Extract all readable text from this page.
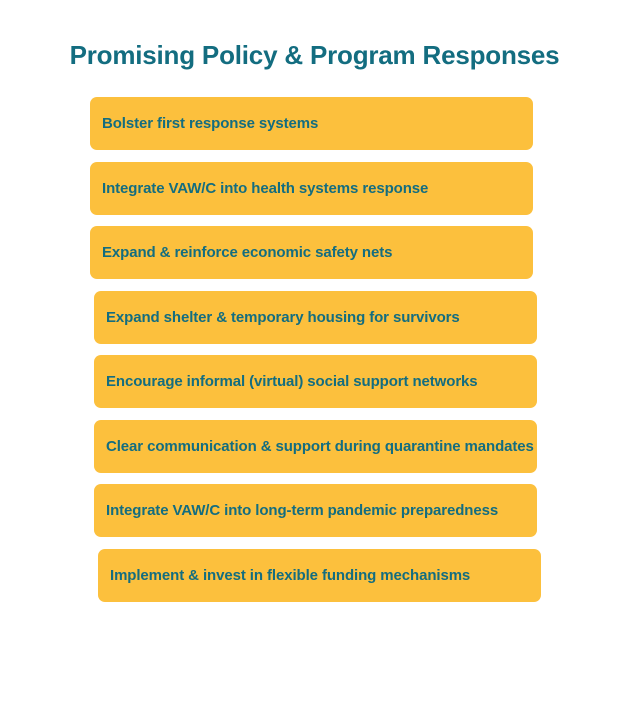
Promising Policy & Program Responses
Bolster first response systems
Integrate VAW/C into health systems response
Expand & reinforce economic safety nets
Expand shelter & temporary housing for survivors
Encourage informal (virtual) social support networks
Clear communication & support during quarantine mandates
Integrate VAW/C into long-term pandemic preparedness
Implement & invest in flexible funding mechanisms
